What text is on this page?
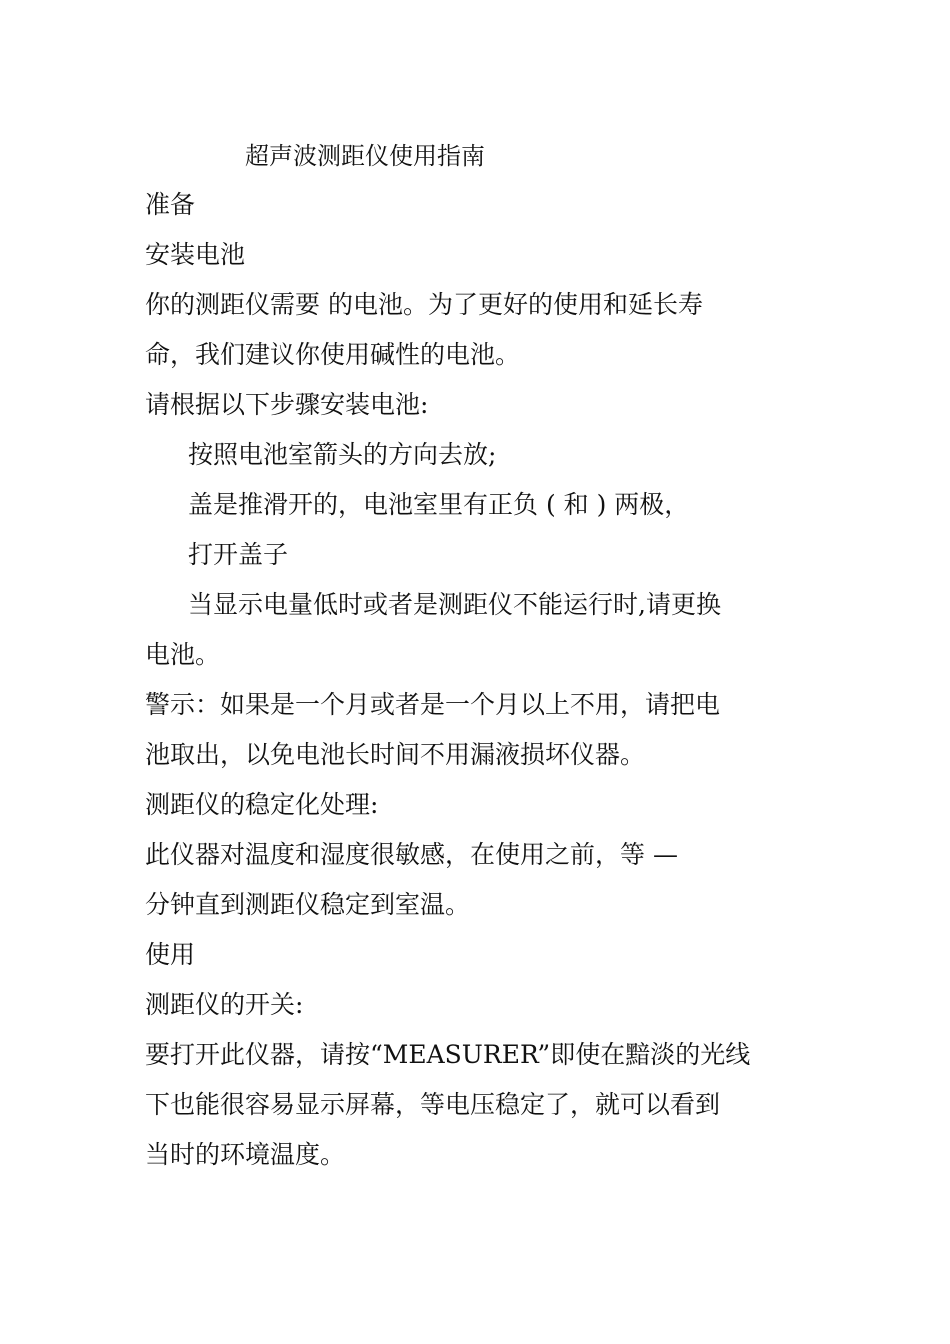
超声波测距仪使用指南

准备

安装电池

你的测距仪需要 的电池。为了更好的使用和延长寿

命，我们建议你使用碱性的电池。

请根据以下步骤安装电池:

按照电池室箭头的方向去放;

盖是推滑开的，电池室里有正负 ( 和 ) 两极，

打开盖子

当显示电量低时或者是测距仪不能运行时,请更换

电池。

警示：如果是一个月或者是一个月以上不用，请把电

池取出，以免电池长时间不用漏液损坏仪器。

测距仪的稳定化处理:

此仪器对温度和湿度很敏感，在使用之前，等 —

分钟直到测距仪稳定到室温。

使用

测距仪的开关:

要打开此仪器，请按“MEASURER”即使在黯淡的光线

下也能很容易显示屏幕，等电压稳定了，就可以看到

当时的环境温度。
